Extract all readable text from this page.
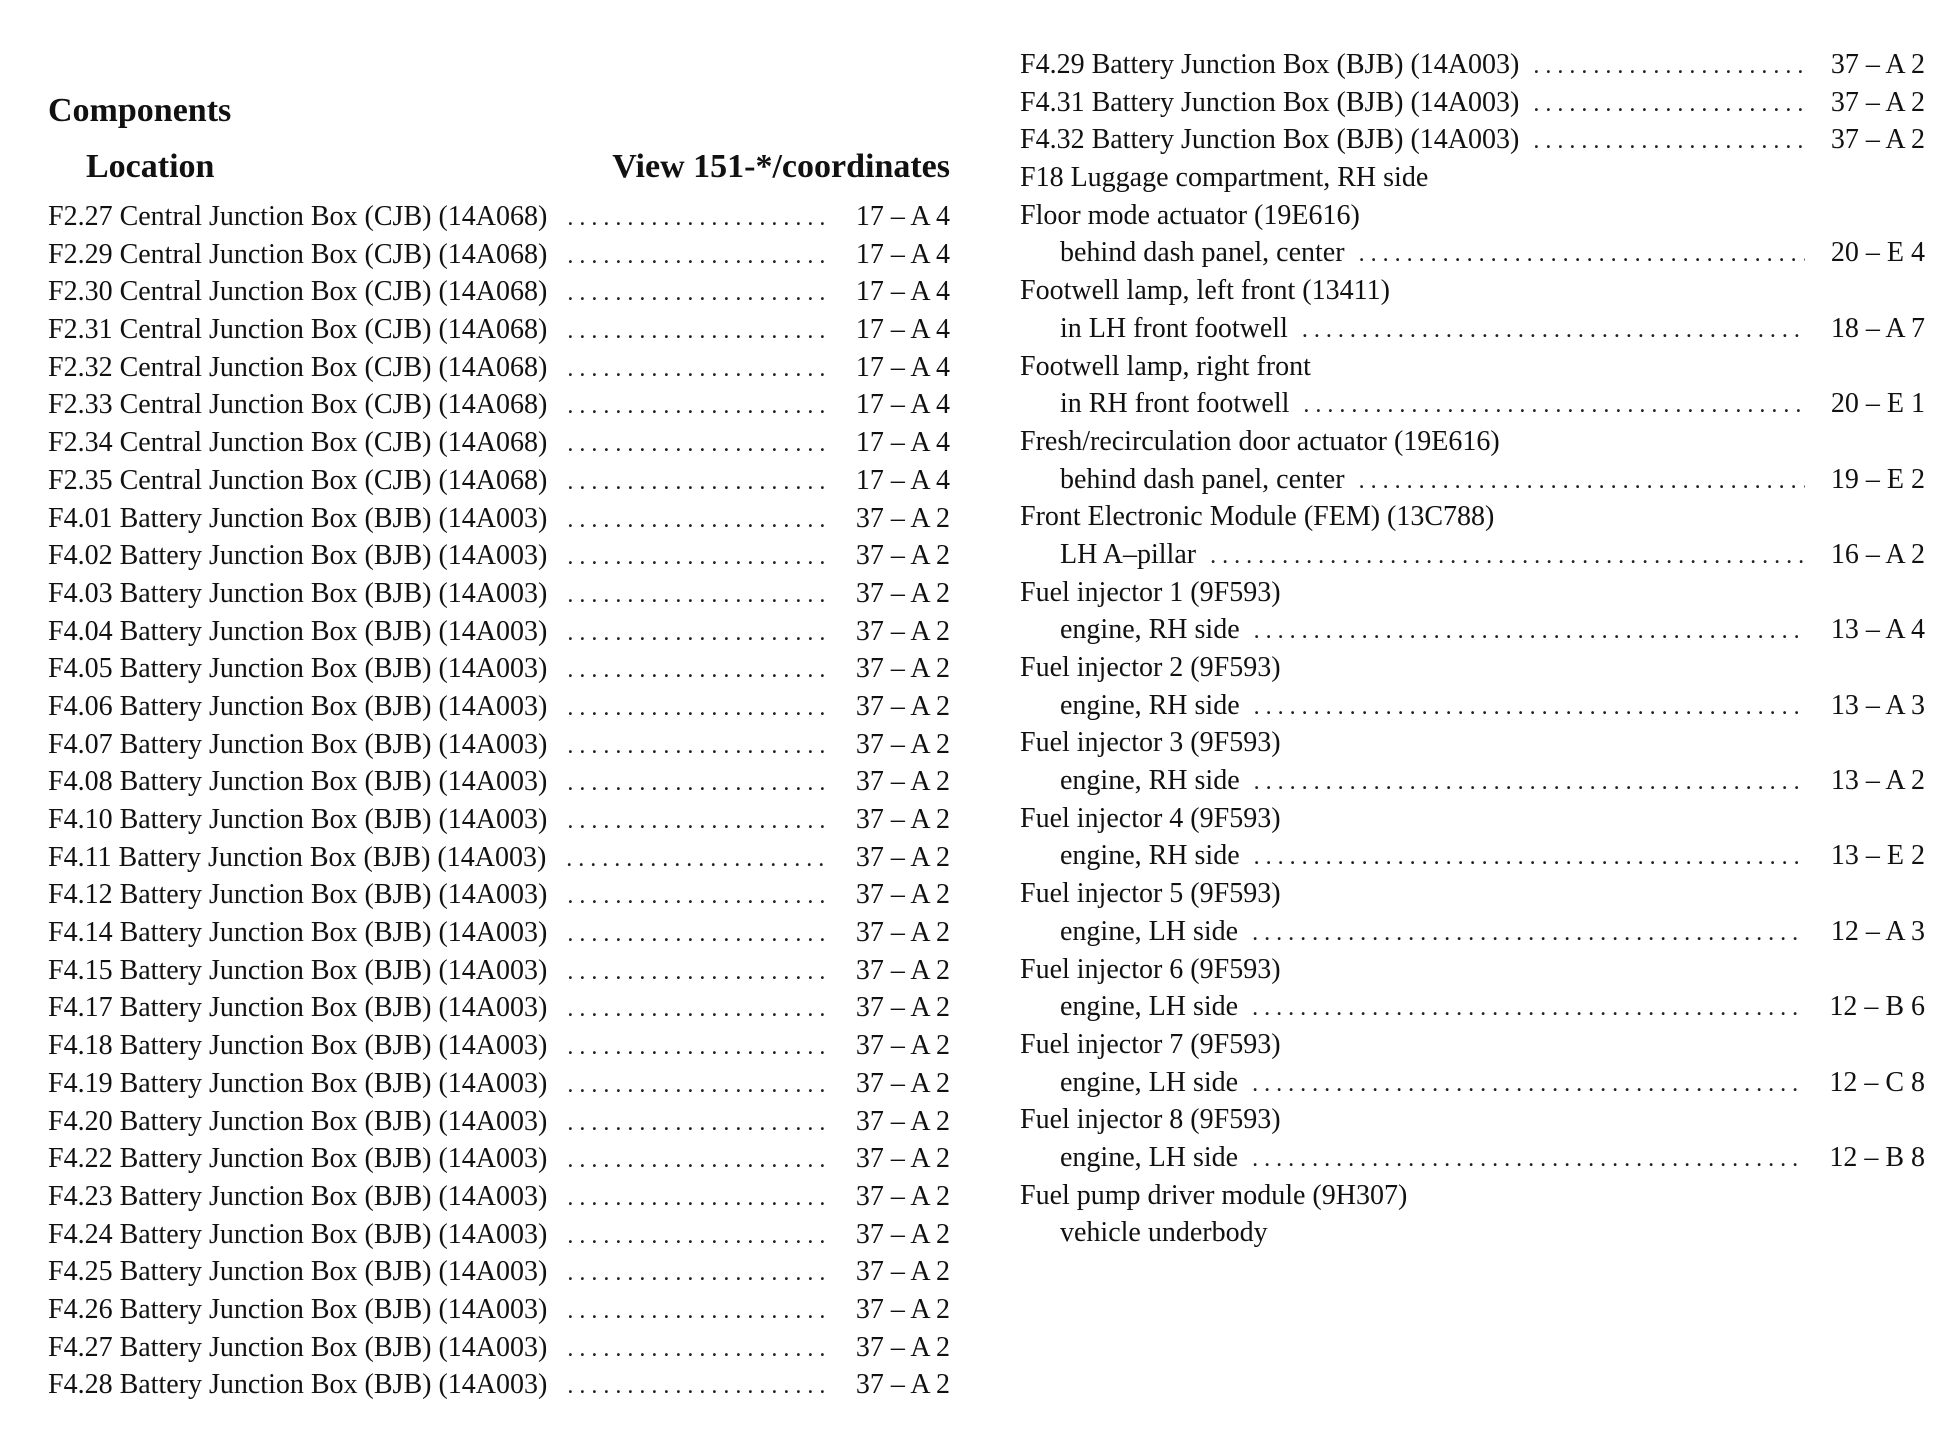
Components
Location	View 151-*/coordinates
F2.27 Central Junction Box (CJB) (14A068) . . .	17 – A 4
F2.29 Central Junction Box (CJB) (14A068) . . .	17 – A 4
F2.30 Central Junction Box (CJB) (14A068) . . .	17 – A 4
F2.31 Central Junction Box (CJB) (14A068) . . .	17 – A 4
F2.32 Central Junction Box (CJB) (14A068) . . .	17 – A 4
F2.33 Central Junction Box (CJB) (14A068) . . .	17 – A 4
F2.34 Central Junction Box (CJB) (14A068) . . .	17 – A 4
F2.35 Central Junction Box (CJB) (14A068) . . .	17 – A 4
F4.01 Battery Junction Box (BJB) (14A003) . . .	37 – A 2
F4.02 Battery Junction Box (BJB) (14A003) . . .	37 – A 2
F4.03 Battery Junction Box (BJB) (14A003) . . .	37 – A 2
F4.04 Battery Junction Box (BJB) (14A003) . . .	37 – A 2
F4.05 Battery Junction Box (BJB) (14A003) . . .	37 – A 2
F4.06 Battery Junction Box (BJB) (14A003) . . .	37 – A 2
F4.07 Battery Junction Box (BJB) (14A003) . . .	37 – A 2
F4.08 Battery Junction Box (BJB) (14A003) . . .	37 – A 2
F4.10 Battery Junction Box (BJB) (14A003) . . .	37 – A 2
F4.11 Battery Junction Box (BJB) (14A003) . . .	37 – A 2
F4.12 Battery Junction Box (BJB) (14A003) . . .	37 – A 2
F4.14 Battery Junction Box (BJB) (14A003) . . .	37 – A 2
F4.15 Battery Junction Box (BJB) (14A003) . . .	37 – A 2
F4.17 Battery Junction Box (BJB) (14A003) . . .	37 – A 2
F4.18 Battery Junction Box (BJB) (14A003) . . .	37 – A 2
F4.19 Battery Junction Box (BJB) (14A003) . . .	37 – A 2
F4.20 Battery Junction Box (BJB) (14A003) . . .	37 – A 2
F4.22 Battery Junction Box (BJB) (14A003) . . .	37 – A 2
F4.23 Battery Junction Box (BJB) (14A003) . . .	37 – A 2
F4.24 Battery Junction Box (BJB) (14A003) . . .	37 – A 2
F4.25 Battery Junction Box (BJB) (14A003) . . .	37 – A 2
F4.26 Battery Junction Box (BJB) (14A003) . . .	37 – A 2
F4.27 Battery Junction Box (BJB) (14A003) . . .	37 – A 2
F4.28 Battery Junction Box (BJB) (14A003) . . .	37 – A 2
F4.29 Battery Junction Box (BJB) (14A003) . . .	37 – A 2
F4.31 Battery Junction Box (BJB) (14A003) . . .	37 – A 2
F4.32 Battery Junction Box (BJB) (14A003) . . .	37 – A 2
F18 Luggage compartment, RH side
Floor mode actuator (19E616)
behind dash panel, center . . .	20 – E 4
Footwell lamp, left front (13411)
in LH front footwell . . .	18 – A 7
Footwell lamp, right front
in RH front footwell . . .	20 – E 1
Fresh/recirculation door actuator (19E616)
behind dash panel, center . . .	19 – E 2
Front Electronic Module (FEM) (13C788)
LH A–pillar . . .	16 – A 2
Fuel injector 1 (9F593)
engine, RH side . . .	13 – A 4
Fuel injector 2 (9F593)
engine, RH side . . .	13 – A 3
Fuel injector 3 (9F593)
engine, RH side . . .	13 – A 2
Fuel injector 4 (9F593)
engine, RH side . . .	13 – E 2
Fuel injector 5 (9F593)
engine, LH side . . .	12 – A 3
Fuel injector 6 (9F593)
engine, LH side . . .	12 – B 6
Fuel injector 7 (9F593)
engine, LH side . . .	12 – C 8
Fuel injector 8 (9F593)
engine, LH side . . .	12 – B 8
Fuel pump driver module (9H307)
vehicle underbody
